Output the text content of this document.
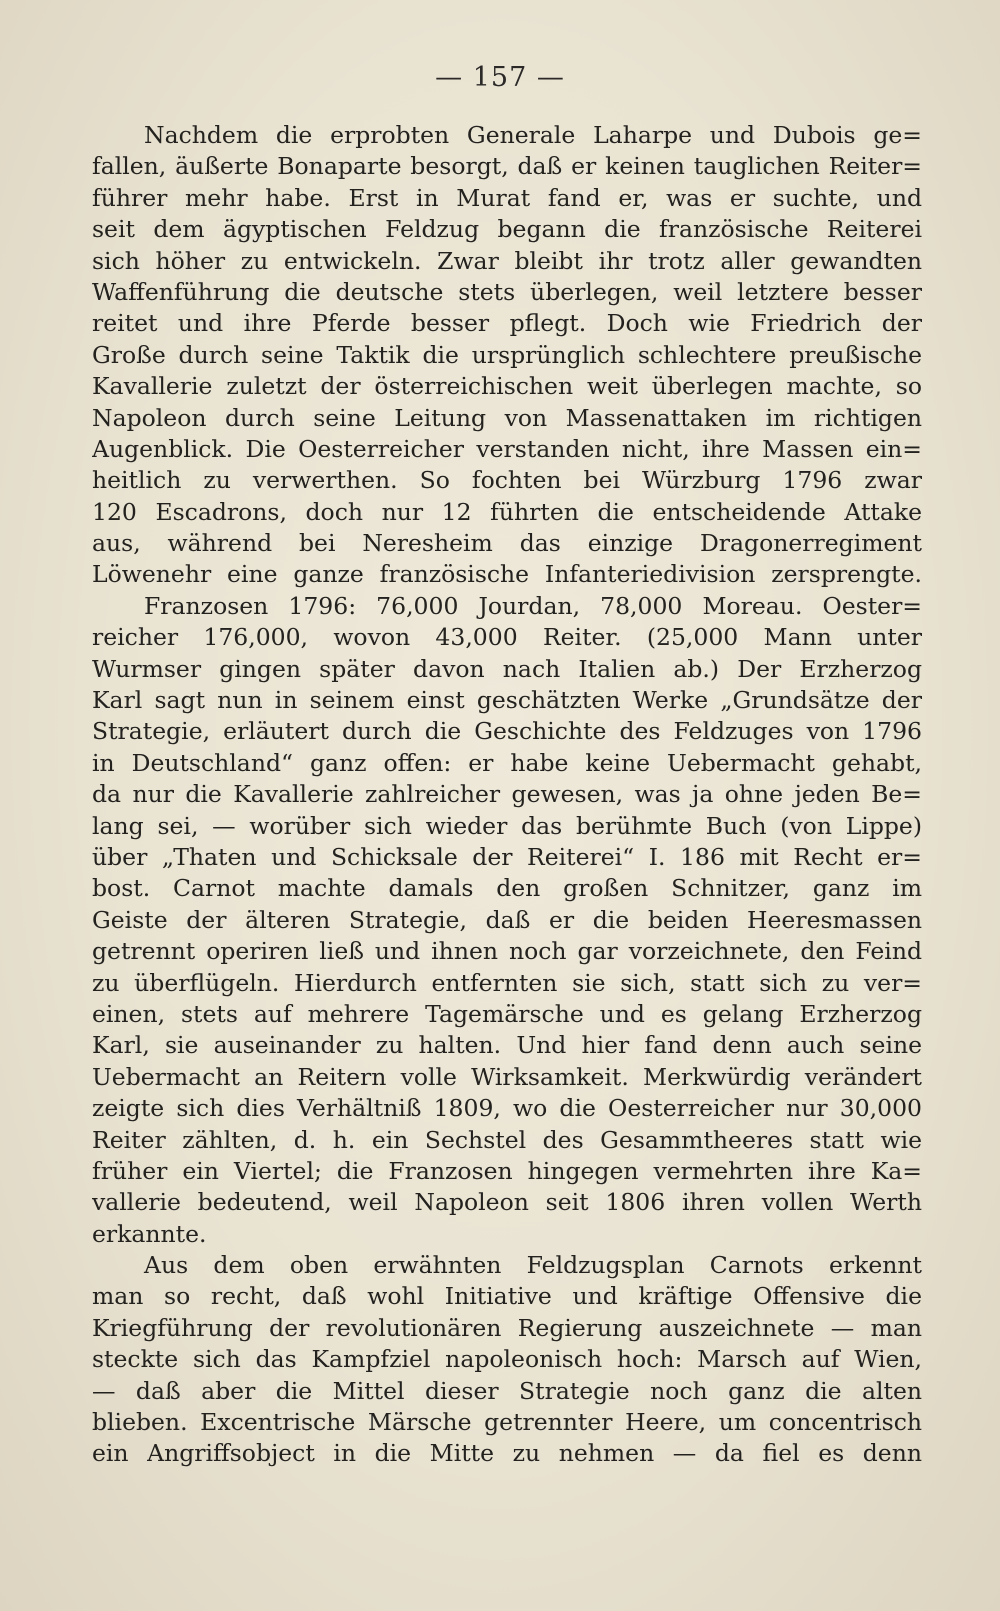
— 157 —
Nachdem die erprobten Generale Laharpe und Dubois ge=
fallen, äußerte Bonaparte besorgt, daß er keinen tauglichen Reiter=
führer mehr habe. Erst in Murat fand er, was er suchte, und
seit dem ägyptischen Feldzug begann die französische Reiterei
sich höher zu entwickeln. Zwar bleibt ihr trotz aller gewandten
Waffenführung die deutsche stets überlegen, weil letztere besser
reitet und ihre Pferde besser pflegt. Doch wie Friedrich der
Große durch seine Taktik die ursprünglich schlechtere preußische
Kavallerie zuletzt der österreichischen weit überlegen machte, so
Napoleon durch seine Leitung von Massenattaken im richtigen
Augenblick. Die Oesterreicher verstanden nicht, ihre Massen ein=
heitlich zu verwerthen. So fochten bei Würzburg 1796 zwar
120 Escadrons, doch nur 12 führten die entscheidende Attake
aus, während bei Neresheim das einzige Dragonerregiment
Löwenehr eine ganze französische Infanteriedivision zersprengte.
Franzosen 1796: 76,000 Jourdan, 78,000 Moreau. Oester=
reicher 176,000, wovon 43,000 Reiter. (25,000 Mann unter
Wurmser gingen später davon nach Italien ab.) Der Erzherzog
Karl sagt nun in seinem einst geschätzten Werke „Grundsätze der
Strategie, erläutert durch die Geschichte des Feldzuges von 1796
in Deutschland“ ganz offen: er habe keine Uebermacht gehabt,
da nur die Kavallerie zahlreicher gewesen, was ja ohne jeden Be=
lang sei, — worüber sich wieder das berühmte Buch (von Lippe)
über „Thaten und Schicksale der Reiterei“ I. 186 mit Recht er=
bost. Carnot machte damals den großen Schnitzer, ganz im
Geiste der älteren Strategie, daß er die beiden Heeresmassen
getrennt operiren ließ und ihnen noch gar vorzeichnete, den Feind
zu überflügeln. Hierdurch entfernten sie sich, statt sich zu ver=
einen, stets auf mehrere Tagemärsche und es gelang Erzherzog
Karl, sie auseinander zu halten. Und hier fand denn auch seine
Uebermacht an Reitern volle Wirksamkeit. Merkwürdig verändert
zeigte sich dies Verhältniß 1809, wo die Oesterreicher nur 30,000
Reiter zählten, d. h. ein Sechstel des Gesammtheeres statt wie
früher ein Viertel; die Franzosen hingegen vermehrten ihre Ka=
vallerie bedeutend, weil Napoleon seit 1806 ihren vollen Werth
erkannte.
Aus dem oben erwähnten Feldzugsplan Carnots erkennt
man so recht, daß wohl Initiative und kräftige Offensive die
Kriegführung der revolutionären Regierung auszeichnete — man
steckte sich das Kampfziel napoleonisch hoch: Marsch auf Wien,
— daß aber die Mittel dieser Strategie noch ganz die alten
blieben. Excentrische Märsche getrennter Heere, um concentrisch
ein Angriffsobject in die Mitte zu nehmen — da fiel es denn
